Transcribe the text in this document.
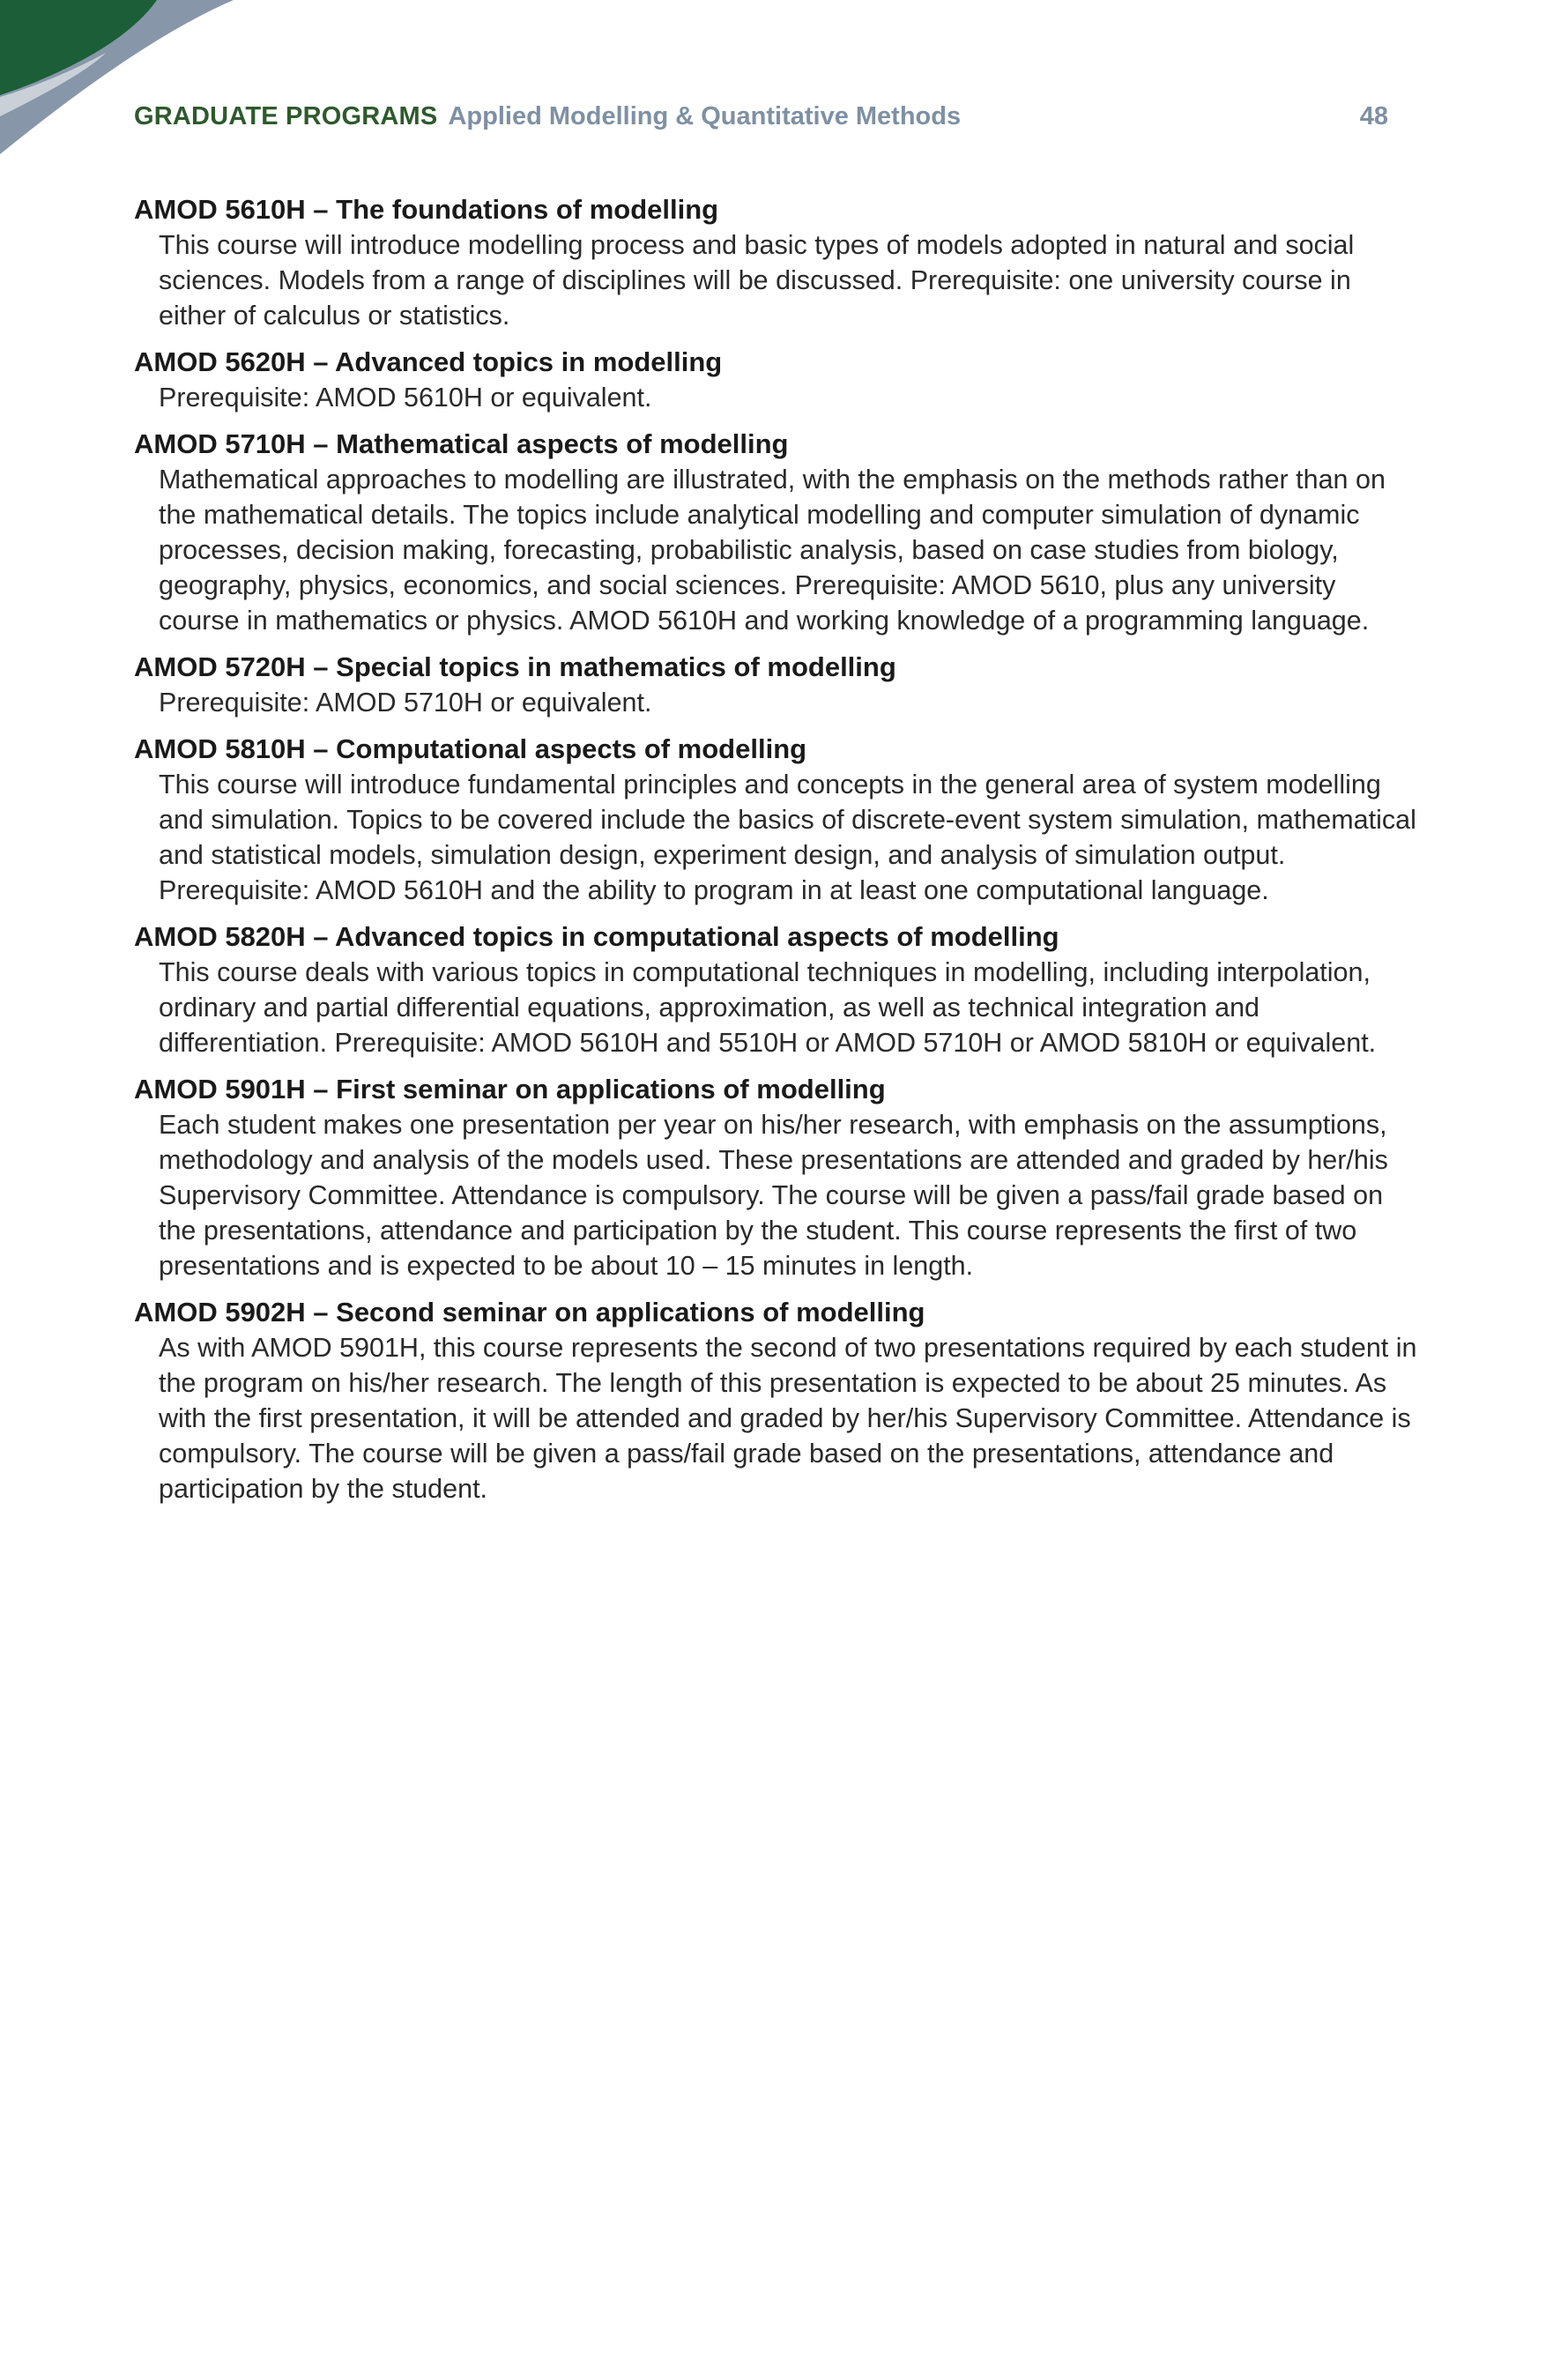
GRADUATE PROGRAMS Applied Modelling & Quantitative Methods	48
AMOD 5610H – The foundations of modelling
This course will introduce modelling process and basic types of models adopted in natural and social sciences. Models from a range of disciplines will be discussed. Prerequisite: one university course in either of calculus or statistics.
AMOD 5620H – Advanced topics in modelling
Prerequisite: AMOD 5610H or equivalent.
AMOD 5710H – Mathematical aspects of modelling
Mathematical approaches to modelling are illustrated, with the emphasis on the methods rather than on the mathematical details. The topics include analytical modelling and computer simulation of dynamic processes, decision making, forecasting, probabilistic analysis, based on case studies from biology, geography, physics, economics, and social sciences. Prerequisite: AMOD 5610, plus any university course in mathematics or physics. AMOD 5610H and working knowledge of a programming language.
AMOD 5720H – Special topics in mathematics of modelling
Prerequisite: AMOD 5710H or equivalent.
AMOD 5810H – Computational aspects of modelling
This course will introduce fundamental principles and concepts in the general area of system modelling and simulation. Topics to be covered include the basics of discrete-event system simulation, mathematical and statistical models, simulation design, experiment design, and analysis of simulation output. Prerequisite: AMOD 5610H and the ability to program in at least one computational language.
AMOD 5820H – Advanced topics in computational aspects of modelling
This course deals with various topics in computational techniques in modelling, including interpolation, ordinary and partial differential equations, approximation, as well as technical integration and differentiation. Prerequisite: AMOD 5610H and 5510H or AMOD 5710H or AMOD 5810H or equivalent.
AMOD 5901H – First seminar on applications of modelling
Each student makes one presentation per year on his/her research, with emphasis on the assumptions, methodology and analysis of the models used. These presentations are attended and graded by her/his Supervisory Committee. Attendance is compulsory. The course will be given a pass/fail grade based on the presentations, attendance and participation by the student. This course represents the first of two presentations and is expected to be about 10 – 15 minutes in length.
AMOD 5902H – Second seminar on applications of modelling
As with AMOD 5901H, this course represents the second of two presentations required by each student in the program on his/her research. The length of this presentation is expected to be about 25 minutes. As with the first presentation, it will be attended and graded by her/his Supervisory Committee. Attendance is compulsory. The course will be given a pass/fail grade based on the presentations, attendance and participation by the student.
